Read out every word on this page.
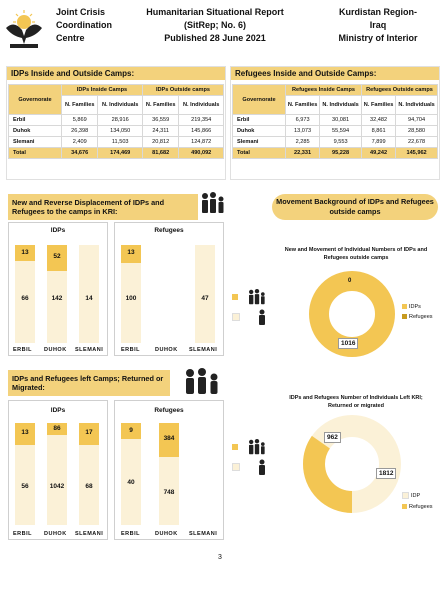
Joint Crisis
Coordination
Centre
Humanitarian Situational Report
(SitRep; No. 6)
Published 28 June 2021
Kurdistan Region-
Iraq
Ministry of Interior
IDPs Inside and Outside Camps:
Governorate	IDPs Inside Camps		IDPs Outside camps	
	N. Families	N. Individuals	N. Families	N. Individuals
Erbil	5,869	28,916	36,559	219,354
Duhok	26,398	134,050	24,311	145,866
Slemani	2,409	11,503	20,812	124,872
Total	34,676	174,469	81,682	490,092
Refugees Inside and Outside Camps:
Governorate	Refugees Inside Camps		Refugees Outside camps	
	N. Families	N. Individuals	N. Families	N. Individuals
Erbil	6,973	30,081	32,482	94,704
Duhok	13,073	55,594	8,861	28,580
Slemani	2,285	9,553	7,899	22,678
Total	22,331	95,228	49,242	145,962
New and Reverse Displacement of IDPs and Refugees to the camps in KRI:
IDPs
13
52
66	142	14
ERBIL DUHOK SLEMANI
Refugees
13
100	47
ERBIL	DUHOK SLEMANI

IDPs and Refugees left Camps; Returned or Migrated:
IDPs
13
86
17
56	1042	68
ERBIL DUHOK SLEMANI
Refugees
9
384
40
748
ERBIL	DUHOK SLEMANI

Movement Background of IDPs and Refugees outside camps
New and Movement of Individual Numbers of IDPs and Refugees outside camps
0
1016
IDPs
Refugees
IDPs and Refugees Number of Individuals Left KRI; Returned or migrated
962
1812
IDP
Refugees
3
